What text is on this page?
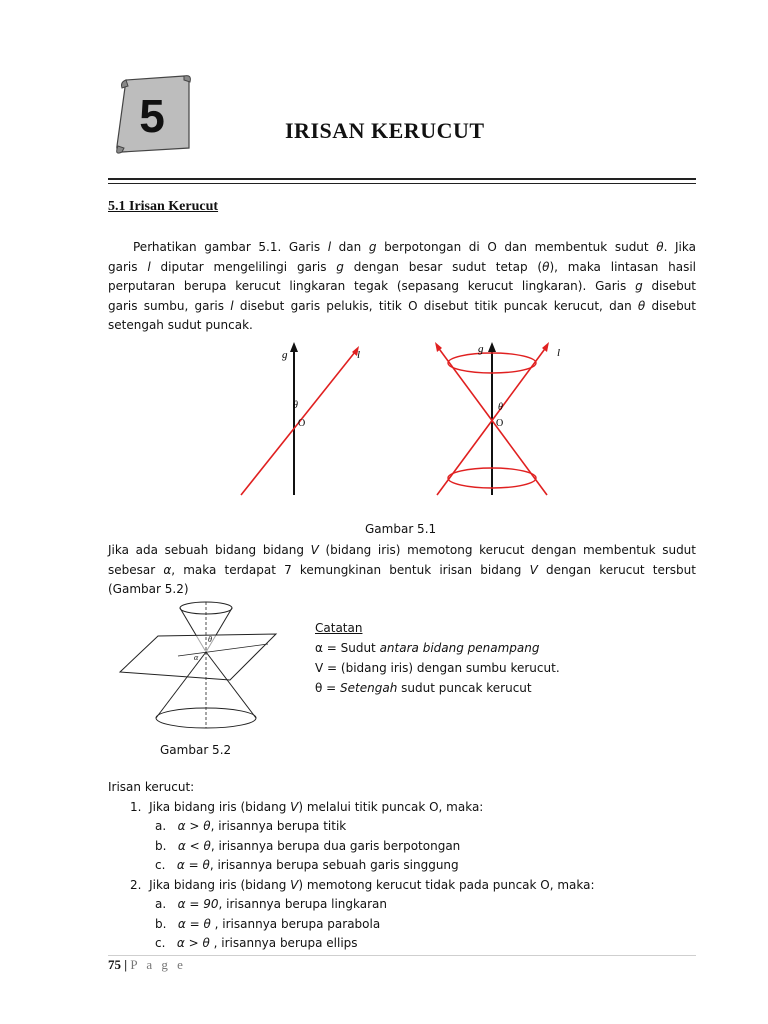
5	IRISAN KERUCUT
5.1 Irisan Kerucut
Perhatikan gambar 5.1. Garis l dan g berpotongan di O dan membentuk sudut θ. Jika
garis l diputar mengelilingi garis g dengan besar sudut tetap (θ), maka lintasan hasil
perputaran berupa kerucut lingkaran tegak (sepasang kerucut lingkaran). Garis g disebut
garis sumbu, garis l disebut garis pelukis, titik O disebut titik puncak kerucut, dan θ disebut
setengah sudut puncak.
g	l
θ
O
g	l
θ
O
Gambar 5.1
Jika ada sebuah bidang bidang V (bidang iris) memotong kerucut dengan membentuk sudut
sebesar α, maka terdapat 7 kemungkinan bentuk irisan bidang V dengan kerucut tersbut
(Gambar 5.2)
α
θ
Gambar 5.2
Catatan
α = Sudut antara bidang penampang
V = (bidang iris) dengan sumbu kerucut.
θ = Setengah sudut puncak kerucut
Irisan kerucut:
1. Jika bidang iris (bidang V) melalui titik puncak O, maka:
a. α > θ, irisannya berupa titik
b. α < θ, irisannya berupa dua garis berpotongan
c. α = θ, irisannya berupa sebuah garis singgung
2. Jika bidang iris (bidang V) memotong kerucut tidak pada puncak O, maka:
a. α = 90, irisannya berupa lingkaran
b. α = θ , irisannya berupa parabola
c. α > θ , irisannya berupa ellips
75 | P a g e
